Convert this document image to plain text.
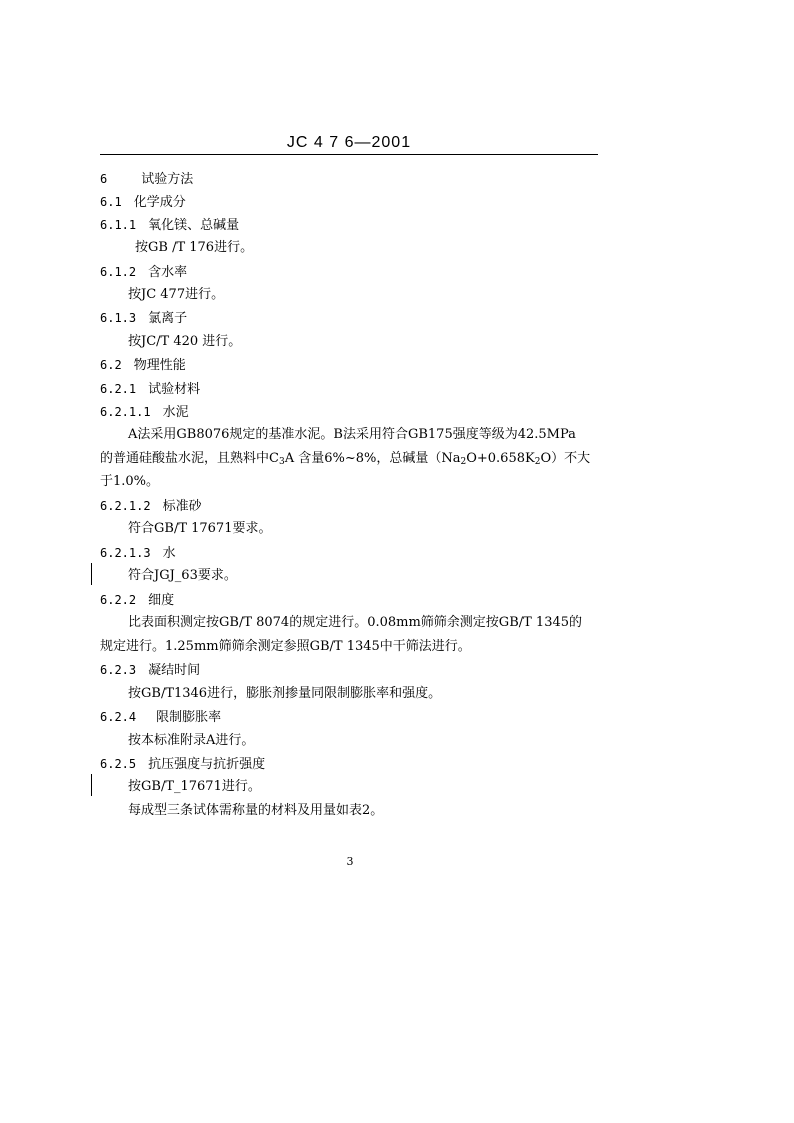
JC 4 7 6—2001
6	试验方法
6.1 化学成分
6.1.1 氧化镁、总碱量
按GB /T 176进行。
6.1.2 含水率
按JC 477进行。
6.1.3 氯离子
按JC/T 420 进行。
6.2 物理性能
6.2.1 试验材料
6.2.1.1 水泥
A法采用GB8076规定的基准水泥。B法采用符合GB175强度等级为42.5MPa
的普通硅酸盐水泥，且熟料中$C_3A$ 含量6%~8%，总碱量$(Na_2O+0.658K_2O)$不大
于1.0%。
6.2.1.2 标准砂
符合GB/T 17671要求。
6.2.1.3 水
符合JGJ_63要求。
6.2.2 细度
比表面积测定按GB/T 8074的规定进行。0.08mm筛筛余测定按GB/T 1345的
规定进行。1.25mm筛筛余测定参照GB/T 1345中干筛法进行。
6.2.3 凝结时间
按GB/T1346进行，膨胀剂掺量同限制膨胀率和强度。
6.2.4 限制膨胀率
按本标准附录A进行。
6.2.5 抗压强度与抗折强度
按GB/T_17671进行。
每成型三条试体需称量的材料及用量如表2。
3
